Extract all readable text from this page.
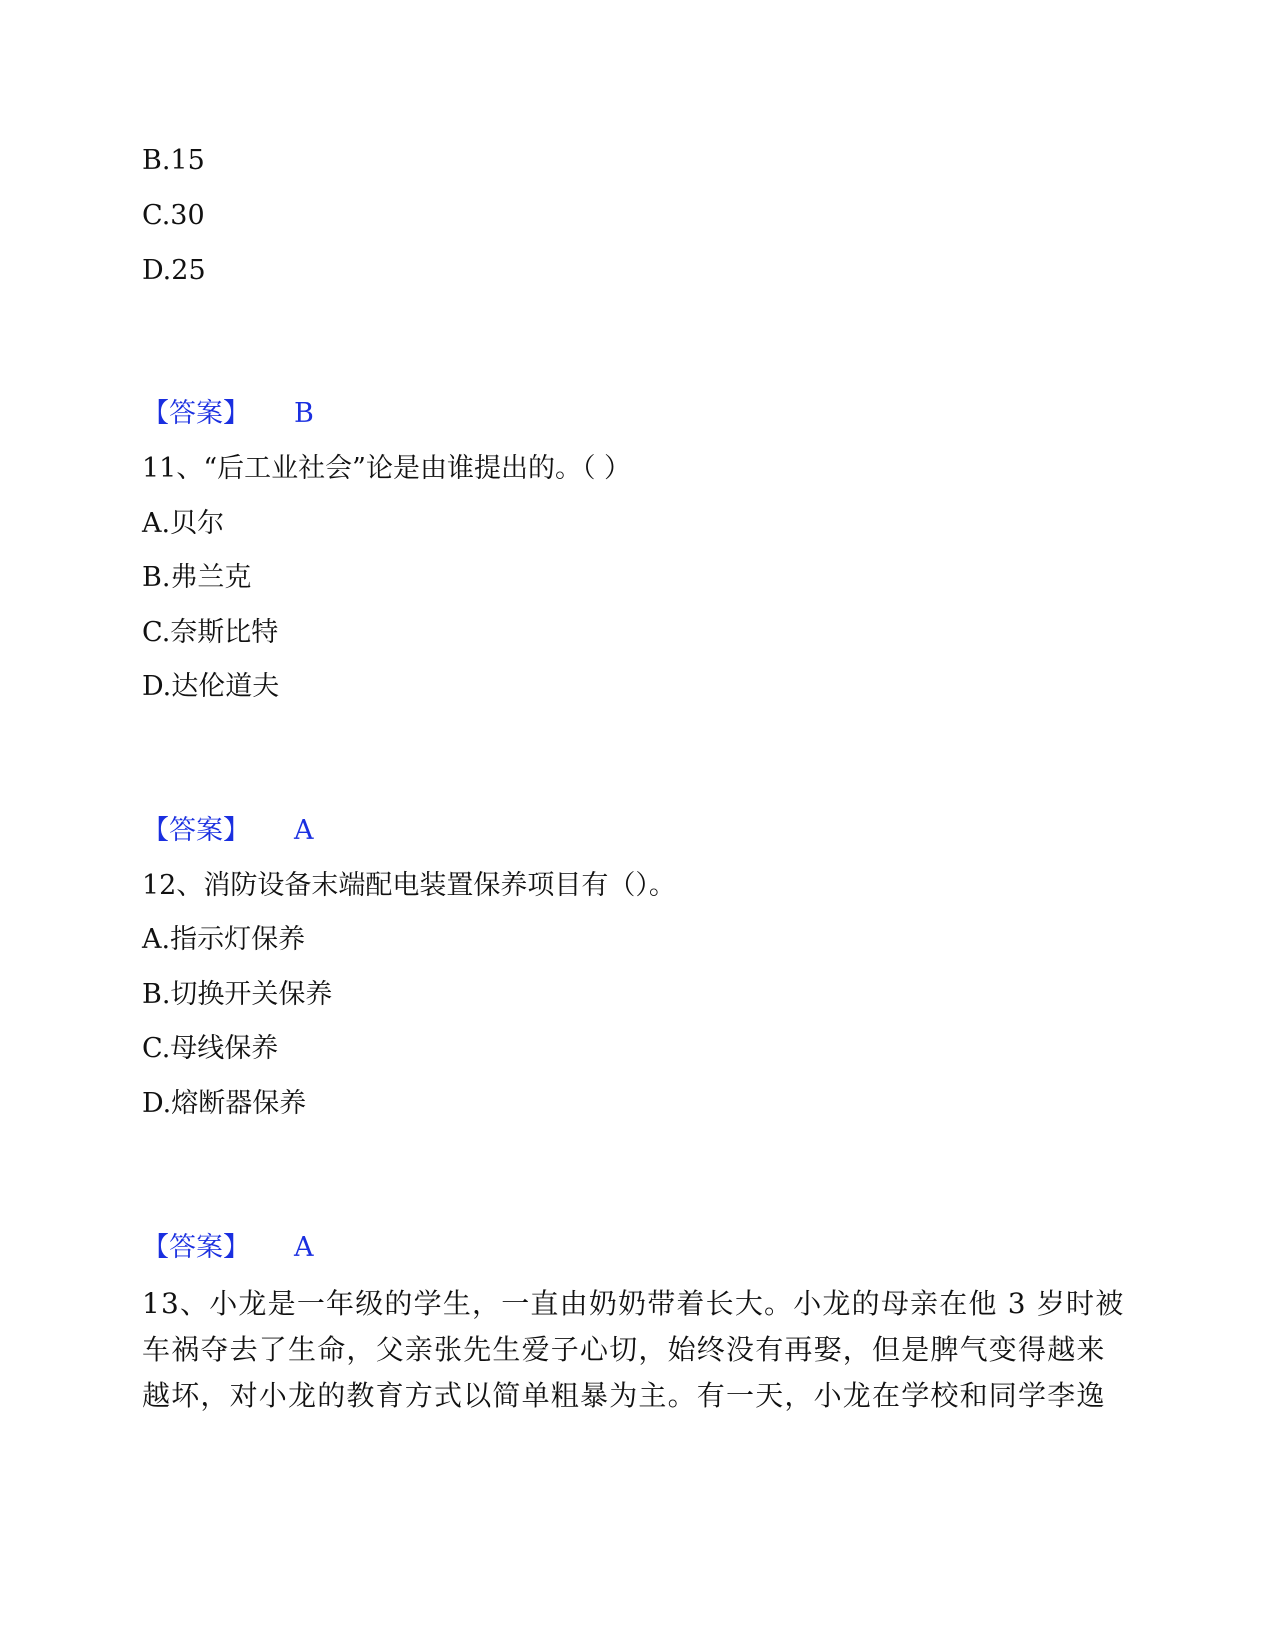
B.15
C.30
D.25
【答案】 B
11、“后工业社会”论是由谁提出的。（ ）
A.贝尔
B.弗兰克
C.奈斯比特
D.达伦道夫
【答案】 A
12、消防设备末端配电装置保养项目有（）。
A.指示灯保养
B.切换开关保养
C.母线保养
D.熔断器保养
【答案】 A
13、小龙是一年级的学生，一直由奶奶带着长大。小龙的母亲在他 3 岁时被
车祸夺去了生命，父亲张先生爱子心切，始终没有再娶，但是脾气变得越来
越坏，对小龙的教育方式以简单粗暴为主。有一天，小龙在学校和同学李逸
